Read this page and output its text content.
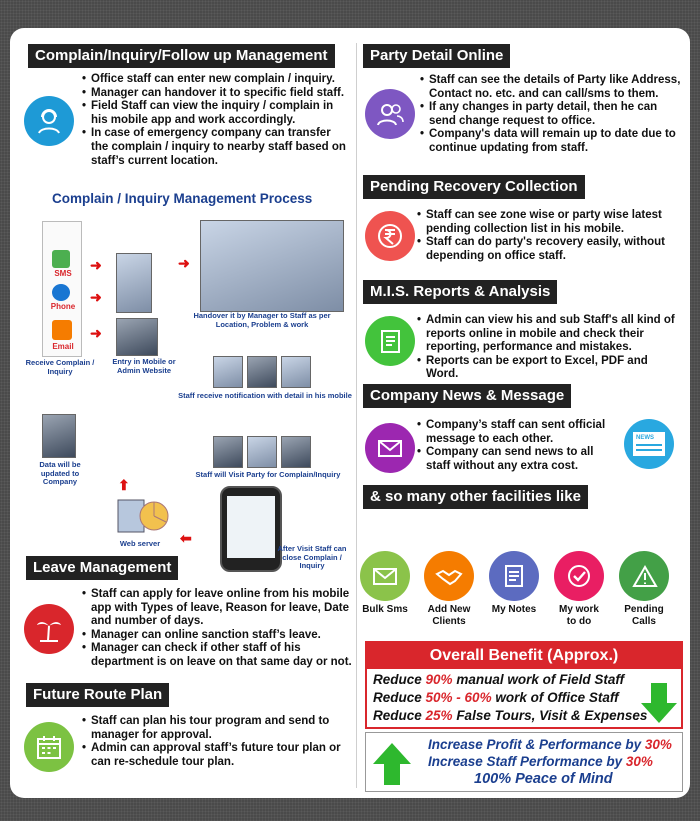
Complain/Inquiry/Follow up Management
• Office staff can enter new complain / inquiry.
• Manager can handover it to specific field staff.
• Field Staff can view the inquiry / complain in his mobile app and work accordingly.
• In case of emergency company can transfer the complain / inquiry to nearby staff based on staff’s current location.
Complain / Inquiry Management Process
SMS
Phone
Email
Receive Complain / Inquiry
➜
➜
➜
Entry in Mobile or Admin Website
➜
Handover it by Manager to Staff as per Location, Problem & work
Staff receive notification with detail in his mobile
Staff will Visit Party for Complain/Inquiry
After Visit Staff can close Complain / Inquiry
⬅
Web server
⬆
Data will be updated to Company
Leave Management
• Staff can apply for leave online from his mobile app with Types of leave, Reason for leave, Date and number of days.
• Manager can online sanction staff’s leave.
• Manager can check if other staff of his department is on leave on that same day or not.
Future Route Plan
• Staff can plan his tour program and send to manager for approval.
• Admin can approval staff’s future tour plan or can re-schedule tour plan.
Party Detail Online
• Staff can see the details of Party like Address, Contact no. etc. and can call/sms to them.
• If any changes in party detail, then he can send change request to office.
• Company's data will remain up to date due to continue updating from staff.
Pending Recovery Collection
• Staff can see zone wise or party wise latest pending collection list in his mobile.
• Staff can do party's recovery easily, without depending on office staff.
M.I.S. Reports & Analysis
• Admin can view his and sub Staff's all kind of reports online in mobile and check their reporting, performance and mistakes.
• Reports can be export to Excel, PDF and Word.
Company News & Message
• Company’s staff can sent official message to each other.
• Company can send news to all staff without any extra cost.
NEWS
& so many other facilities like
Bulk Sms	Add New Clients
My Notes	My work to do
Pending Calls
Overall Benefit (Approx.)
Reduce 90% manual work of Field Staff
Reduce 50% - 60% work of Office Staff
Reduce 25% False Tours, Visit & Expenses
Increase Profit & Performance by 30%
Increase Staff Performance by 30%
100% Peace of Mind
